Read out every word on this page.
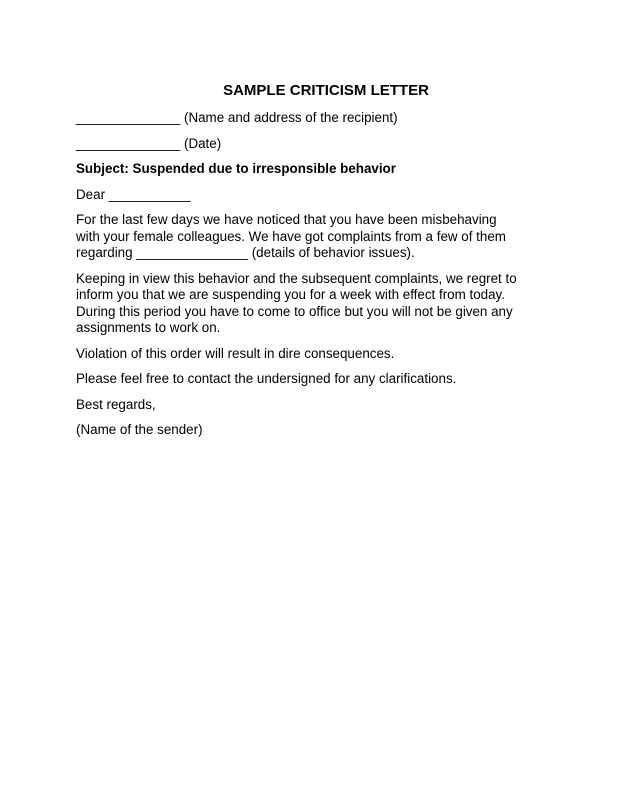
SAMPLE CRITICISM LETTER
______________ (Name and address of the recipient)
______________ (Date)
Subject: Suspended due to irresponsible behavior
Dear ___________
For the last few days we have noticed that you have been misbehaving
with your female colleagues. We have got complaints from a few of them
regarding _______________ (details of behavior issues).
Keeping in view this behavior and the subsequent complaints, we regret to
inform you that we are suspending you for a week with effect from today.
During this period you have to come to office but you will not be given any
assignments to work on.
Violation of this order will result in dire consequences.
Please feel free to contact the undersigned for any clarifications.
Best regards,
(Name of the sender)
